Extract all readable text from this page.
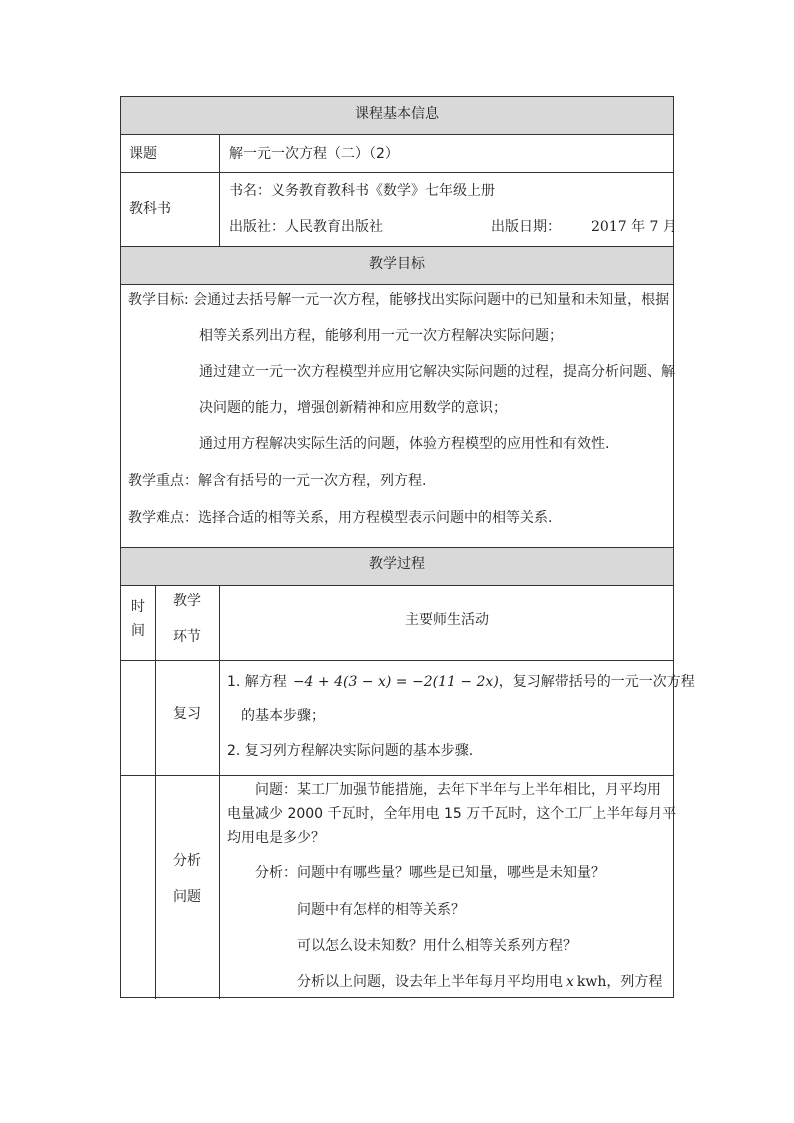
课程基本信息
课题	解一元一次方程（二）（2）
教科书
书名：义务教育教科书《数学》七年级上册
出版社：人民教育出版社	出版日期： 2017 年 7 月
教学目标
教学目标: 会通过去括号解一元一次方程，能够找出实际问题中的已知量和未知量，根据
相等关系列出方程，能够利用一元一次方程解决实际问题；
通过建立一元一次方程模型并应用它解决实际问题的过程，提高分析问题、解
决问题的能力，增强创新精神和应用数学的意识；
通过用方程解决实际生活的问题，体验方程模型的应用性和有效性.
教学重点：解含有括号的一元一次方程，列方程.
教学难点：选择合适的相等关系，用方程模型表示问题中的相等关系.
教学过程
时
间
教学
环节
主要师生活动
复习
1. 解方程 −4 + 4(3 − x) = −2(11 − 2x)，复习解带括号的一元一次方程
的基本步骤；
2. 复习列方程解决实际问题的基本步骤.
分析
问题
问题：某工厂加强节能措施，去年下半年与上半年相比，月平均用
电量减少 2000 千瓦时，全年用电 15 万千瓦时，这个工厂上半年每月平
均用电是多少？
分析：问题中有哪些量？哪些是已知量，哪些是未知量？
问题中有怎样的相等关系？
可以怎么设未知数？用什么相等关系列方程？
分析以上问题，设去年上半年每月平均用电 x kwh，列方程
